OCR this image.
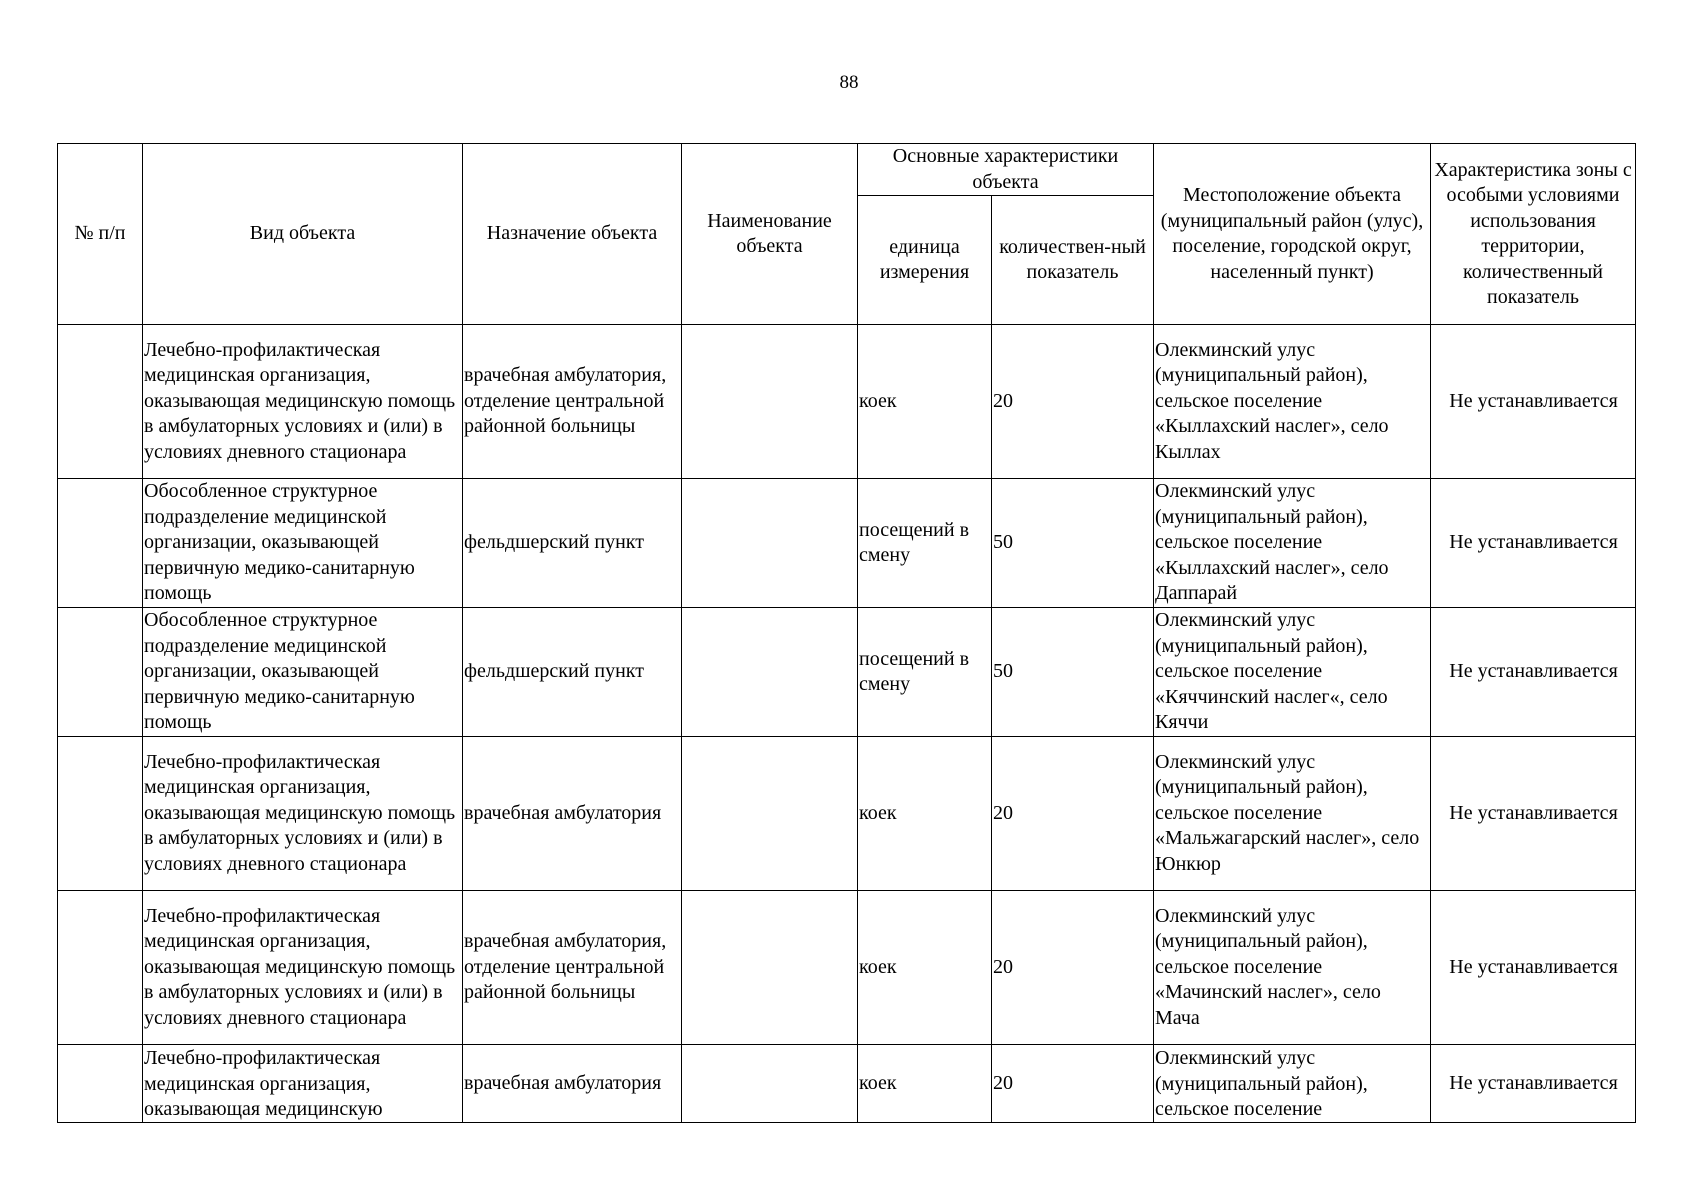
88
№ п/п	Вид объекта	Назначение объекта	Наименование объекта	Основные характеристики объекта		Местоположение объекта (муниципальный район (улус), поселение, городской округ, населенный пункт)	Характеристика зоны с особыми условиями использования территории, количественный показатель
				единица измерения	количествен-ный показатель		
	Лечебно-профилактическая медицинская организация, оказывающая медицинскую помощь в амбулаторных условиях и (или) в условиях дневного стационара	врачебная амбулатория, отделение центральной районной больницы		коек	20	Олекминский улус (муниципальный район), сельское поселение «Кыллахский наслег», село Кыллах	Не устанавливается
	Обособленное структурное подразделение медицинской организации, оказывающей первичную медико-санитарную помощь	фельдшерский пункт		посещений в смену	50	Олекминский улус (муниципальный район), сельское поселение «Кыллахский наслег», село Даппарай	Не устанавливается
	Обособленное структурное подразделение медицинской организации, оказывающей первичную медико-санитарную помощь	фельдшерский пункт		посещений в смену	50	Олекминский улус (муниципальный район), сельское поселение «Кяччинский наслег«, село Кяччи	Не устанавливается
	Лечебно-профилактическая медицинская организация, оказывающая медицинскую помощь в амбулаторных условиях и (или) в условиях дневного стационара	врачебная амбулатория		коек	20	Олекминский улус (муниципальный район), сельское поселение «Мальжагарский наслег», село Юнкюр	Не устанавливается
	Лечебно-профилактическая медицинская организация, оказывающая медицинскую помощь в амбулаторных условиях и (или) в условиях дневного стационара	врачебная амбулатория, отделение центральной районной больницы		коек	20	Олекминский улус (муниципальный район), сельское поселение «Мачинский наслег», село Мача	Не устанавливается

	Лечебно-профилактическая медицинская организация, оказывающая медицинскую	врачебная амбулатория		коек	20	Олекминский улус (муниципальный район), сельское поселение	Не устанавливается
